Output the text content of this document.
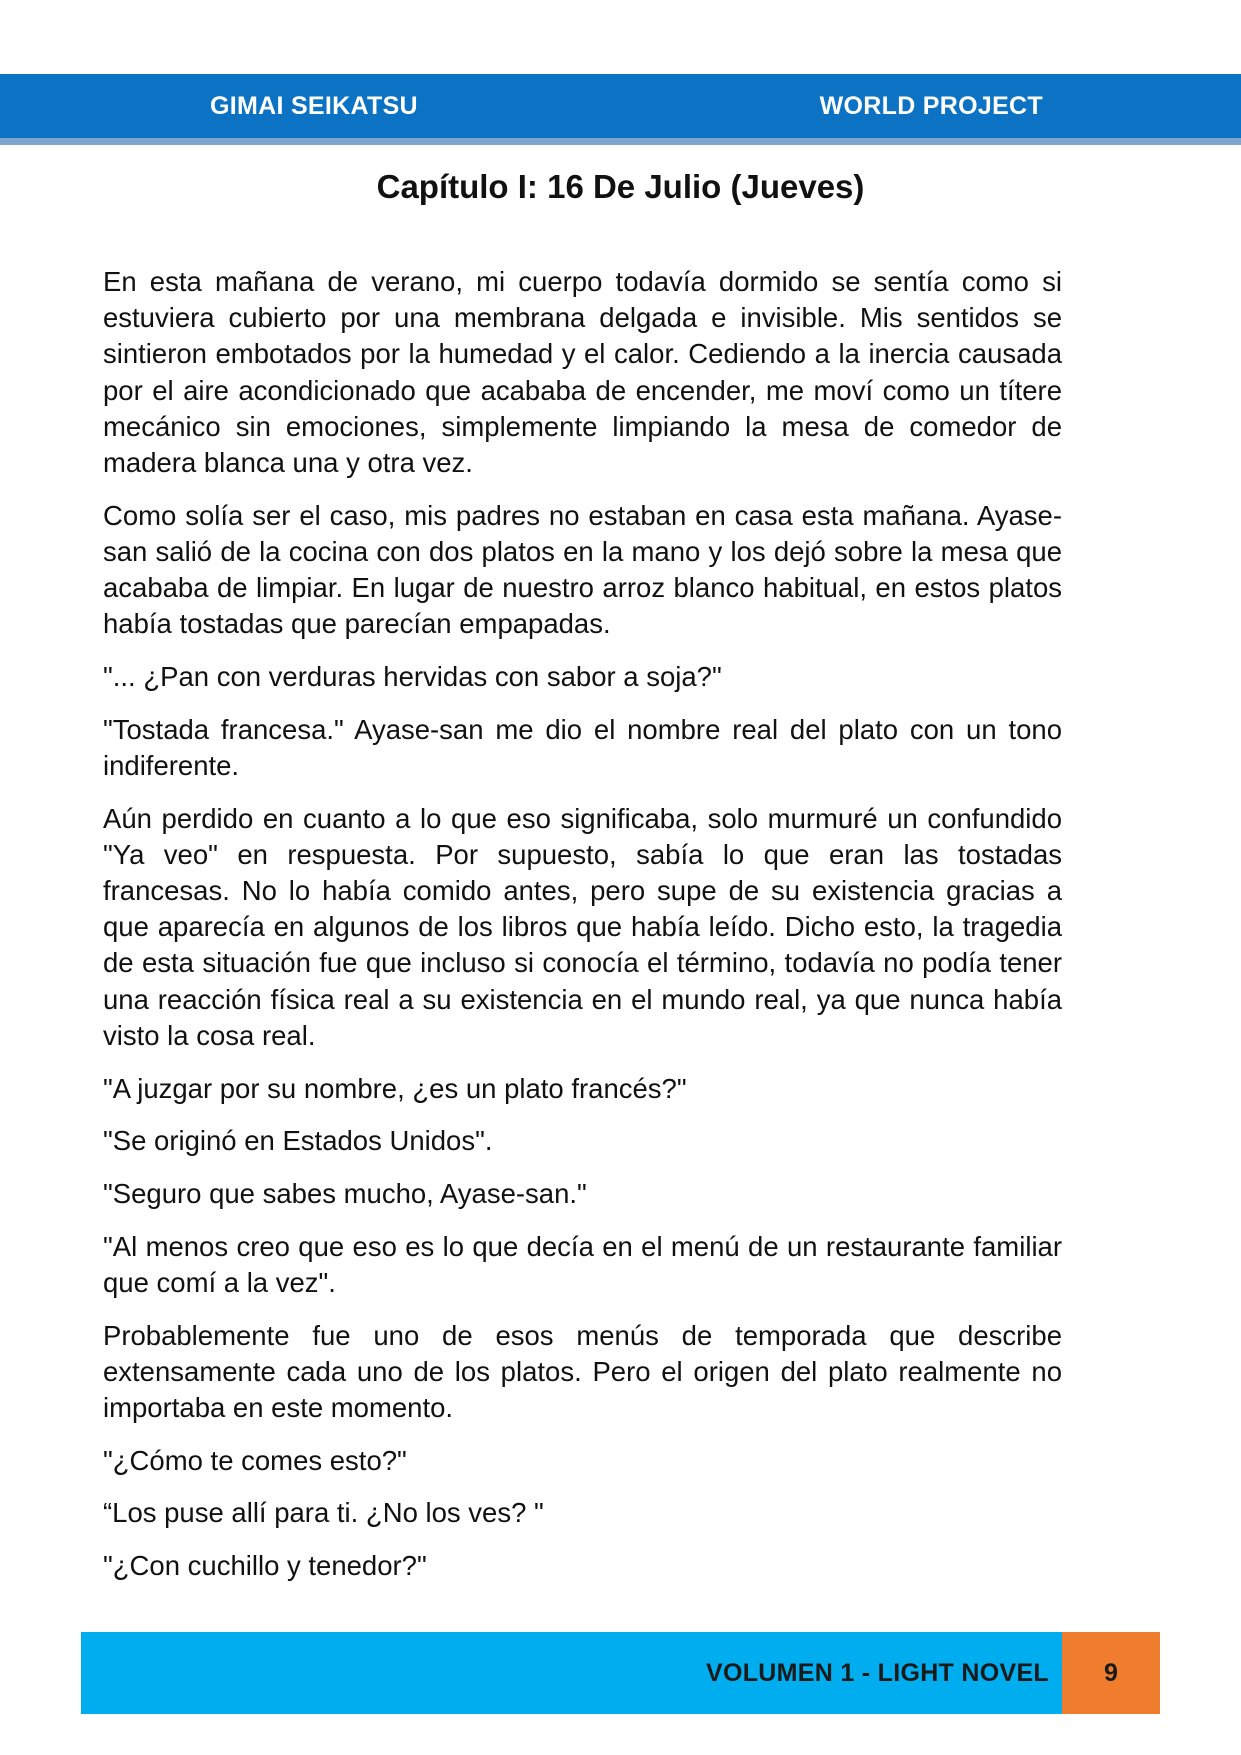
GIMAI SEIKATSU	WORLD PROJECT
Capítulo I: 16 De Julio (Jueves)

En esta mañana de verano, mi cuerpo todavía dormido se sentía como si estuviera cubierto por una membrana delgada e invisible. Mis sentidos se sintieron embotados por la humedad y el calor. Cediendo a la inercia causada por el aire acondicionado que acababa de encender, me moví como un títere mecánico sin emociones, simplemente limpiando la mesa de comedor de madera blanca una y otra vez.

Como solía ser el caso, mis padres no estaban en casa esta mañana. Ayase-san salió de la cocina con dos platos en la mano y los dejó sobre la mesa que acababa de limpiar. En lugar de nuestro arroz blanco habitual, en estos platos había tostadas que parecían empapadas.

"... ¿Pan con verduras hervidas con sabor a soja?"

"Tostada francesa." Ayase-san me dio el nombre real del plato con un tono indiferente.

Aún perdido en cuanto a lo que eso significaba, solo murmuré un confundido "Ya veo" en respuesta. Por supuesto, sabía lo que eran las tostadas francesas. No lo había comido antes, pero supe de su existencia gracias a que aparecía en algunos de los libros que había leído. Dicho esto, la tragedia de esta situación fue que incluso si conocía el término, todavía no podía tener una reacción física real a su existencia en el mundo real, ya que nunca había visto la cosa real.

"A juzgar por su nombre, ¿es un plato francés?"

"Se originó en Estados Unidos".

"Seguro que sabes mucho, Ayase-san."

"Al menos creo que eso es lo que decía en el menú de un restaurante familiar que comí a la vez".

Probablemente fue uno de esos menús de temporada que describe extensamente cada uno de los platos. Pero el origen del plato realmente no importaba en este momento.

"¿Cómo te comes esto?"

“Los puse allí para ti. ¿No los ves? "

"¿Con cuchillo y tenedor?"

VOLUMEN 1 - LIGHT NOVEL	9
